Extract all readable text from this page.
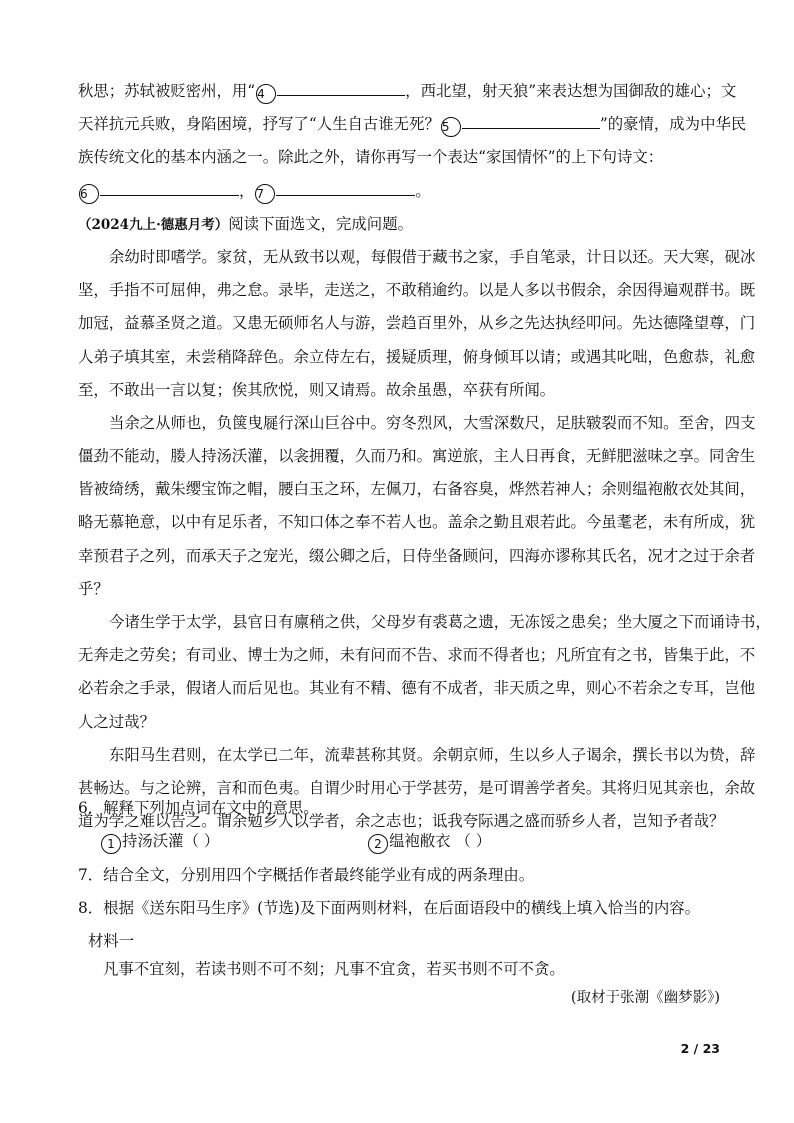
秋思；苏轼被贬密州，用“ 4	，西北望，射天狼”来表达想为国御敌的雄心；文
天祥抗元兵败，身陷困境，抒写了“人生自古谁无死？ 5	”的豪情，成为中华民
族传统文化的基本内涵之一。除此之外，请你再写一个表达“家国情怀”的上下句诗文：
6	， 7	。
（2024九上·德惠月考）阅读下面选文，完成问题。
余幼时即嗜学。家贫，无从致书以观，每假借于藏书之家，手自笔录，计日以还。天大寒，砚冰
坚，手指不可屈伸，弗之怠。录毕，走送之，不敢稍逾约。以是人多以书假余，余因得遍观群书。既
加冠，益慕圣贤之道。又患无硕师名人与游，尝趋百里外，从乡之先达执经叩问。先达德隆望尊，门
人弟子填其室，未尝稍降辞色。余立侍左右，援疑质理，俯身倾耳以请；或遇其叱咄，色愈恭，礼愈
至，不敢出一言以复；俟其欣悦，则又请焉。故余虽愚，卒获有所闻。
当余之从师也，负箧曳屣行深山巨谷中。穷冬烈风，大雪深数尺，足肤皲裂而不知。至舍，四支
僵劲不能动，媵人持汤沃灌，以衾拥覆，久而乃和。寓逆旅，主人日再食，无鲜肥滋味之享。同舍生
皆被绮绣，戴朱缨宝饰之帽，腰白玉之环，左佩刀，右备容臭，烨然若神人；余则缊袍敝衣处其间，
略无慕艳意，以中有足乐者，不知口体之奉不若人也。盖余之勤且艰若此。今虽耄老，未有所成，犹
幸预君子之列，而承天子之宠光，缀公卿之后，日侍坐备顾问，四海亦谬称其氏名，况才之过于余者
乎？
今诸生学于太学，县官日有廪稍之供，父母岁有裘葛之遗，无冻馁之患矣；坐大厦之下而诵诗书，
无奔走之劳矣；有司业、博士为之师，未有问而不告、求而不得者也；凡所宜有之书，皆集于此，不
必若余之手录，假诸人而后见也。其业有不精、德有不成者，非天质之卑，则心不若余之专耳，岂他
人之过哉？
东阳马生君则，在太学已二年，流辈甚称其贤。余朝京师，生以乡人子谒余，撰长书以为贽，辞
甚畅达。与之论辨，言和而色夷。自谓少时用心于学甚劳，是可谓善学者矣。其将归见其亲也，余故
道为学之难以告之。谓余勉乡人以学者，余之志也；诋我夸际遇之盛而骄乡人者，岂知予者哉？
6．解释下列加点词在文中的意思。
1 持汤沃灌（ ）	2 缊袍敝衣 （ ）
7．结合全文，分别用四个字概括作者最终能学业有成的两条理由。
8．根据《送东阳马生序》(节选)及下面两则材料，在后面语段中的横线上填入恰当的内容。
材料一
凡事不宜刻，若读书则不可不刻；凡事不宜贪，若买书则不可不贪。
(取材于张潮《幽梦影》)
2 / 23
